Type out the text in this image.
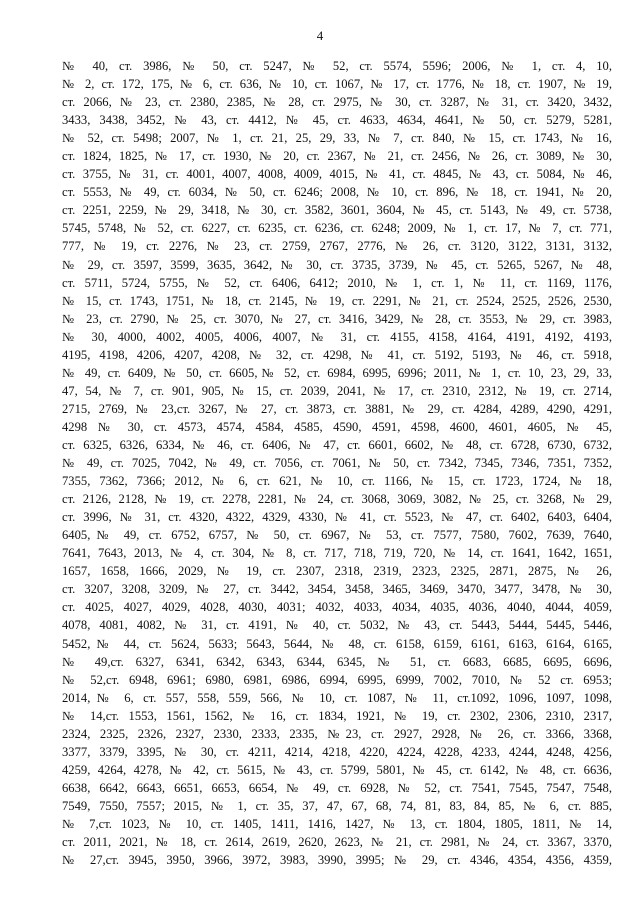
4
№ 40, ст. 3986, № 50, ст. 5247, № 52, ст. 5574, 5596; 2006, № 1, ст. 4, 10,
№ 2, ст. 172, 175, № 6, ст. 636, № 10, ст. 1067, № 17, ст. 1776, № 18, ст. 1907, № 19,
ст. 2066, № 23, ст. 2380, 2385, № 28, ст. 2975, № 30, ст. 3287, № 31, ст. 3420, 3432,
3433, 3438, 3452, № 43, ст. 4412, № 45, ст. 4633, 4634, 4641, № 50, ст. 5279, 5281,
№ 52, ст. 5498; 2007, № 1, ст. 21, 25, 29, 33, № 7, ст. 840, № 15, ст. 1743, № 16,
ст. 1824, 1825, № 17, ст. 1930, № 20, ст. 2367, № 21, ст. 2456, № 26, ст. 3089, № 30,
ст. 3755, № 31, ст. 4001, 4007, 4008, 4009, 4015, № 41, ст. 4845, № 43, ст. 5084, № 46,
ст. 5553, № 49, ст. 6034, № 50, ст. 6246; 2008, № 10, ст. 896, № 18, ст. 1941, № 20,
ст. 2251, 2259, № 29, 3418, № 30, ст. 3582, 3601, 3604, № 45, ст. 5143, № 49, ст. 5738,
5745, 5748, № 52, ст. 6227, ст. 6235, ст. 6236, ст. 6248; 2009, № 1, ст. 17, № 7, ст. 771,
777, № 19, ст. 2276, № 23, ст. 2759, 2767, 2776, № 26, ст. 3120, 3122, 3131, 3132,
№ 29, ст. 3597, 3599, 3635, 3642, № 30, ст. 3735, 3739, № 45, ст. 5265, 5267, № 48,
ст. 5711, 5724, 5755, № 52, ст. 6406, 6412; 2010, № 1, ст. 1, № 11, ст. 1169, 1176,
№ 15, ст. 1743, 1751, № 18, ст. 2145, № 19, ст. 2291, № 21, ст. 2524, 2525, 2526, 2530,
№ 23, ст. 2790, № 25, ст. 3070, № 27, ст. 3416, 3429, № 28, ст. 3553, № 29, ст. 3983,
№ 30, 4000, 4002, 4005, 4006, 4007, № 31, ст. 4155, 4158, 4164, 4191, 4192, 4193,
4195, 4198, 4206, 4207, 4208, № 32, ст. 4298, № 41, ст. 5192, 5193, № 46, ст. 5918,
№ 49, ст. 6409, № 50, ст. 6605,№ 52, ст. 6984, 6995, 6996; 2011, № 1, ст. 10, 23, 29, 33,
47, 54, № 7, ст. 901, 905, № 15, ст. 2039, 2041, № 17, ст. 2310, 2312, № 19, ст. 2714,
2715, 2769, № 23,ст. 3267, № 27, ст. 3873, ст. 3881, № 29, ст. 4284, 4289, 4290, 4291,
4298 № 30, ст. 4573, 4574, 4584, 4585, 4590, 4591, 4598, 4600, 4601, 4605, № 45,
ст. 6325, 6326, 6334, № 46, ст. 6406, № 47, ст. 6601, 6602, № 48, ст. 6728, 6730, 6732,
№ 49, ст. 7025, 7042, № 49, ст. 7056, ст. 7061, № 50, ст. 7342, 7345, 7346, 7351, 7352,
7355, 7362, 7366; 2012, № 6, ст. 621, № 10, ст. 1166, № 15, ст. 1723, 1724, № 18,
ст. 2126, 2128, № 19, ст. 2278, 2281, № 24, ст. 3068, 3069, 3082, № 25, ст. 3268, № 29,
ст. 3996, № 31, ст. 4320, 4322, 4329, 4330, № 41, ст. 5523, № 47, ст. 6402, 6403, 6404,
6405,№ 49, ст. 6752, 6757, № 50, ст. 6967, № 53, ст. 7577, 7580, 7602, 7639, 7640,
7641, 7643, 2013, № 4, ст. 304, № 8, ст. 717, 718, 719, 720, № 14, ст. 1641, 1642, 1651,
1657, 1658, 1666, 2029, № 19, ст. 2307, 2318, 2319, 2323, 2325, 2871, 2875, № 26,
ст. 3207, 3208, 3209, № 27, ст. 3442, 3454, 3458, 3465, 3469, 3470, 3477, 3478, № 30,
ст. 4025, 4027, 4029, 4028, 4030, 4031; 4032, 4033, 4034, 4035, 4036, 4040, 4044, 4059,
4078, 4081, 4082, № 31, ст. 4191, № 40, ст. 5032, № 43, ст. 5443, 5444, 5445, 5446,
5452,№ 44, ст. 5624, 5633; 5643, 5644, № 48, ст. 6158, 6159, 6161, 6163, 6164, 6165,
№ 49,ст. 6327, 6341, 6342, 6343, 6344, 6345, № 51, ст. 6683, 6685, 6695, 6696,
№ 52,ст. 6948, 6961; 6980, 6981, 6986, 6994, 6995, 6999, 7002, 7010, № 52 ст. 6953;
2014,№ 6, ст. 557, 558, 559, 566, № 10, ст. 1087, № 11, ст.1092, 1096, 1097, 1098,
№ 14,ст. 1553, 1561, 1562, № 16, ст. 1834, 1921, № 19, ст. 2302, 2306, 2310, 2317,
2324, 2325, 2326, 2327, 2330, 2333, 2335, №23, ст. 2927, 2928, № 26, ст. 3366, 3368,
3377, 3379, 3395, № 30, ст. 4211, 4214, 4218, 4220, 4224, 4228, 4233, 4244, 4248, 4256,
4259, 4264, 4278, № 42, ст. 5615, № 43, ст. 5799, 5801, № 45, ст. 6142, № 48, ст. 6636,
6638, 6642, 6643, 6651, 6653, 6654, № 49, ст. 6928, № 52, ст. 7541, 7545, 7547, 7548,
7549, 7550, 7557; 2015, № 1, ст. 35, 37, 47, 67, 68, 74, 81, 83, 84, 85, № 6, ст. 885,
№ 7,ст. 1023, № 10, ст. 1405, 1411, 1416, 1427, № 13, ст. 1804, 1805, 1811, № 14,
ст. 2011, 2021, № 18, ст. 2614, 2619, 2620, 2623, № 21, ст. 2981, № 24, ст. 3367, 3370,
№ 27,ст. 3945, 3950, 3966, 3972, 3983, 3990, 3995; № 29, ст. 4346, 4354, 4356, 4359,
